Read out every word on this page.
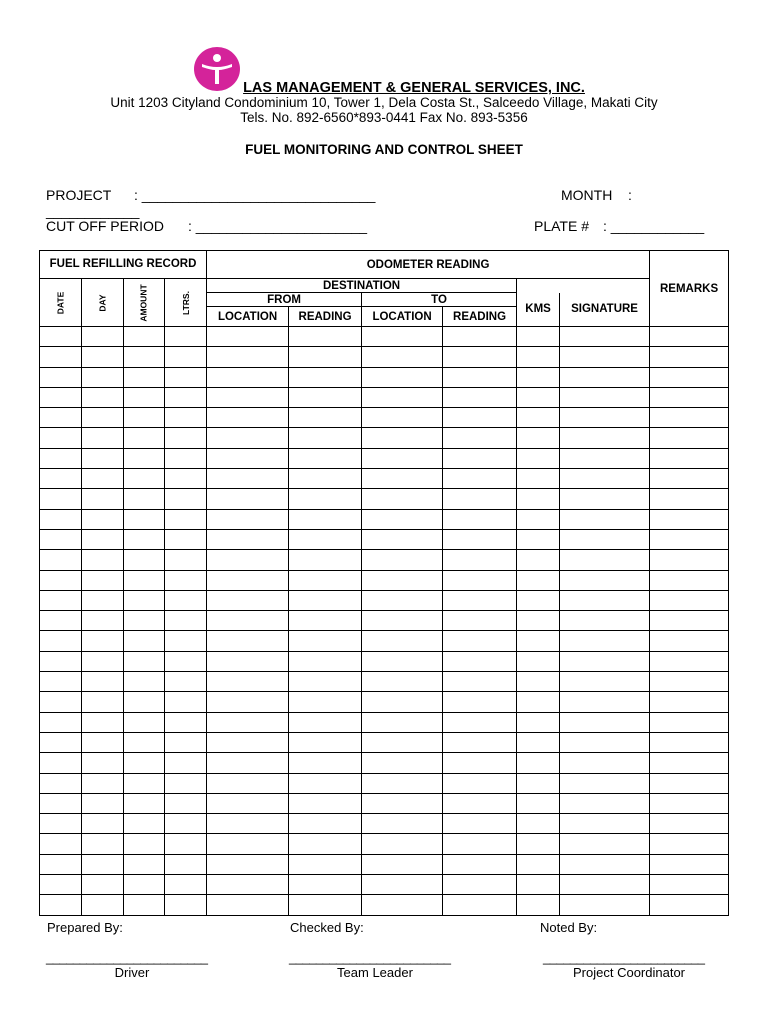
LAS MANAGEMENT & GENERAL SERVICES, INC.
Unit 1203 Cityland Condominium 10, Tower 1, Dela Costa St., Salceedo Village, Makati City
Tels. No. 892-6560*893-0441 Fax No. 893-5356
FUEL MONITORING AND CONTROL SHEET
PROJECT : ______________________________	MONTH :
____________
CUT OFF PERIOD : ______________________	PLATE # : ____________
FUEL REFILLING RECORD				ODOMETER READING						REMARKS
DATE	DAY	AMOUNT	LTRS.	DESTINATION						
				FROM		TO		KMS	SIGNATURE	
				LOCATION	READING	LOCATION	READING			

Prepared By:	Checked By:	Noted By:
________________________	________________________	________________________
Driver	Team Leader	Project Coordinator
